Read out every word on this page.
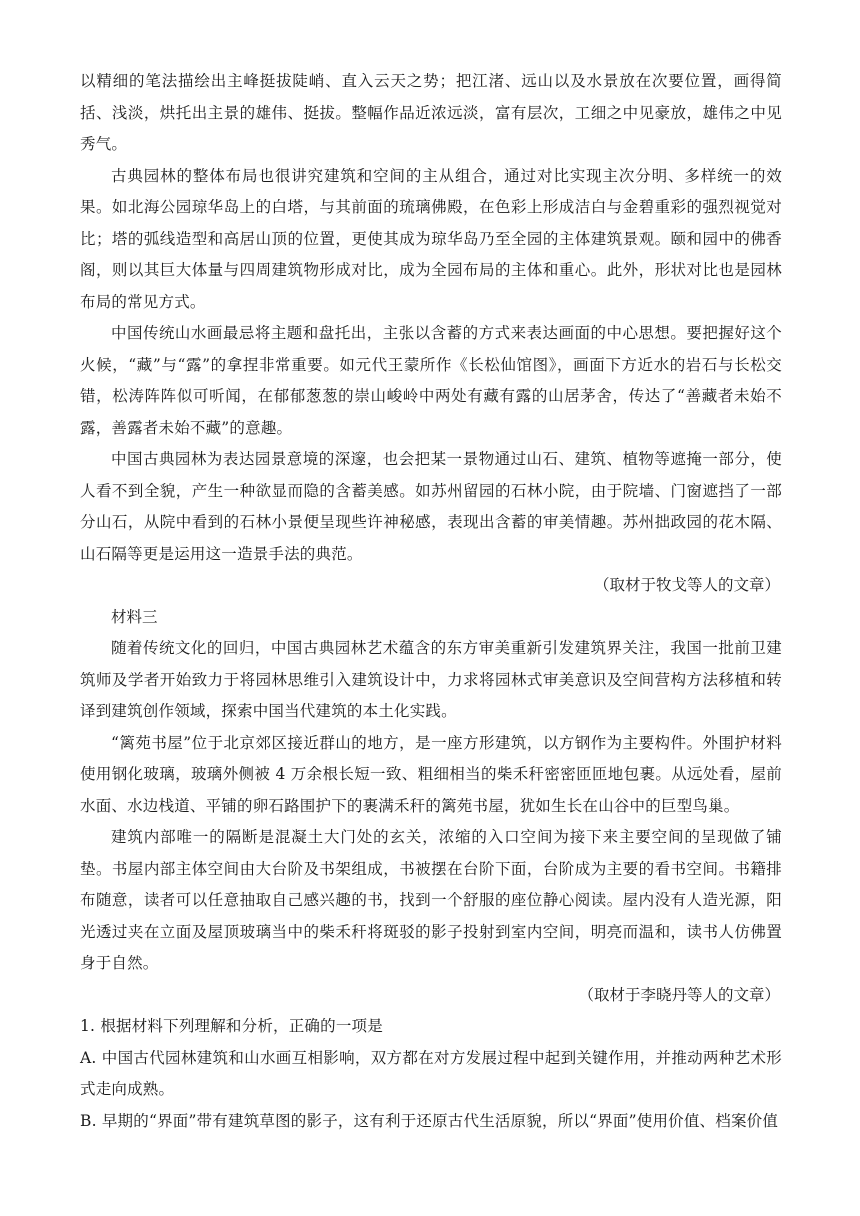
以精细的笔法描绘出主峰挺拔陡峭、直入云天之势；把江渚、远山以及水景放在次要位置，画得简括、浅淡，烘托出主景的雄伟、挺拔。整幅作品近浓远淡，富有层次，工细之中见豪放，雄伟之中见秀气。

古典园林的整体布局也很讲究建筑和空间的主从组合，通过对比实现主次分明、多样统一的效果。如北海公园琼华岛上的白塔，与其前面的琉璃佛殿，在色彩上形成洁白与金碧重彩的强烈视觉对比；塔的弧线造型和高居山顶的位置，更使其成为琼华岛乃至全园的主体建筑景观。颐和园中的佛香阁，则以其巨大体量与四周建筑物形成对比，成为全园布局的主体和重心。此外，形状对比也是园林布局的常见方式。

中国传统山水画最忌将主题和盘托出，主张以含蓄的方式来表达画面的中心思想。要把握好这个火候，“藏”与“露”的拿捏非常重要。如元代王蒙所作《长松仙馆图》，画面下方近水的岩石与长松交错，松涛阵阵似可听闻，在郁郁葱葱的崇山峻岭中两处有藏有露的山居茅舍，传达了“善藏者未始不露，善露者未始不藏”的意趣。

中国古典园林为表达园景意境的深邃，也会把某一景物通过山石、建筑、植物等遮掩一部分，使人看不到全貌，产生一种欲显而隐的含蓄美感。如苏州留园的石林小院，由于院墙、门窗遮挡了一部分山石，从院中看到的石林小景便呈现些许神秘感，表现出含蓄的审美情趣。苏州拙政园的花木隔、山石隔等更是运用这一造景手法的典范。

（取材于牧戈等人的文章）

材料三

随着传统文化的回归，中国古典园林艺术蕴含的东方审美重新引发建筑界关注，我国一批前卫建筑师及学者开始致力于将园林思维引入建筑设计中，力求将园林式审美意识及空间营构方法移植和转译到建筑创作领域，探索中国当代建筑的本土化实践。

“篱苑书屋”位于北京郊区接近群山的地方，是一座方形建筑，以方钢作为主要构件。外围护材料使用钢化玻璃，玻璃外侧被 4 万余根长短一致、粗细相当的柴禾秆密密匝匝地包裹。从远处看，屋前水面、水边栈道、平铺的卵石路围护下的裹满禾秆的篱苑书屋，犹如生长在山谷中的巨型鸟巢。

建筑内部唯一的隔断是混凝土大门处的玄关，浓缩的入口空间为接下来主要空间的呈现做了铺垫。书屋内部主体空间由大台阶及书架组成，书被摆在台阶下面，台阶成为主要的看书空间。书籍排布随意，读者可以任意抽取自己感兴趣的书，找到一个舒服的座位静心阅读。屋内没有人造光源，阳光透过夹在立面及屋顶玻璃当中的柴禾秆将斑驳的影子投射到室内空间，明亮而温和，读书人仿佛置身于自然。

（取材于李晓丹等人的文章）

1. 根据材料下列理解和分析，正确的一项是

A. 中国古代园林建筑和山水画互相影响，双方都在对方发展过程中起到关键作用，并推动两种艺术形式走向成熟。

B. 早期的“界面”带有建筑草图的影子，这有利于还原古代生活原貌，所以“界面”使用价值、档案价值
